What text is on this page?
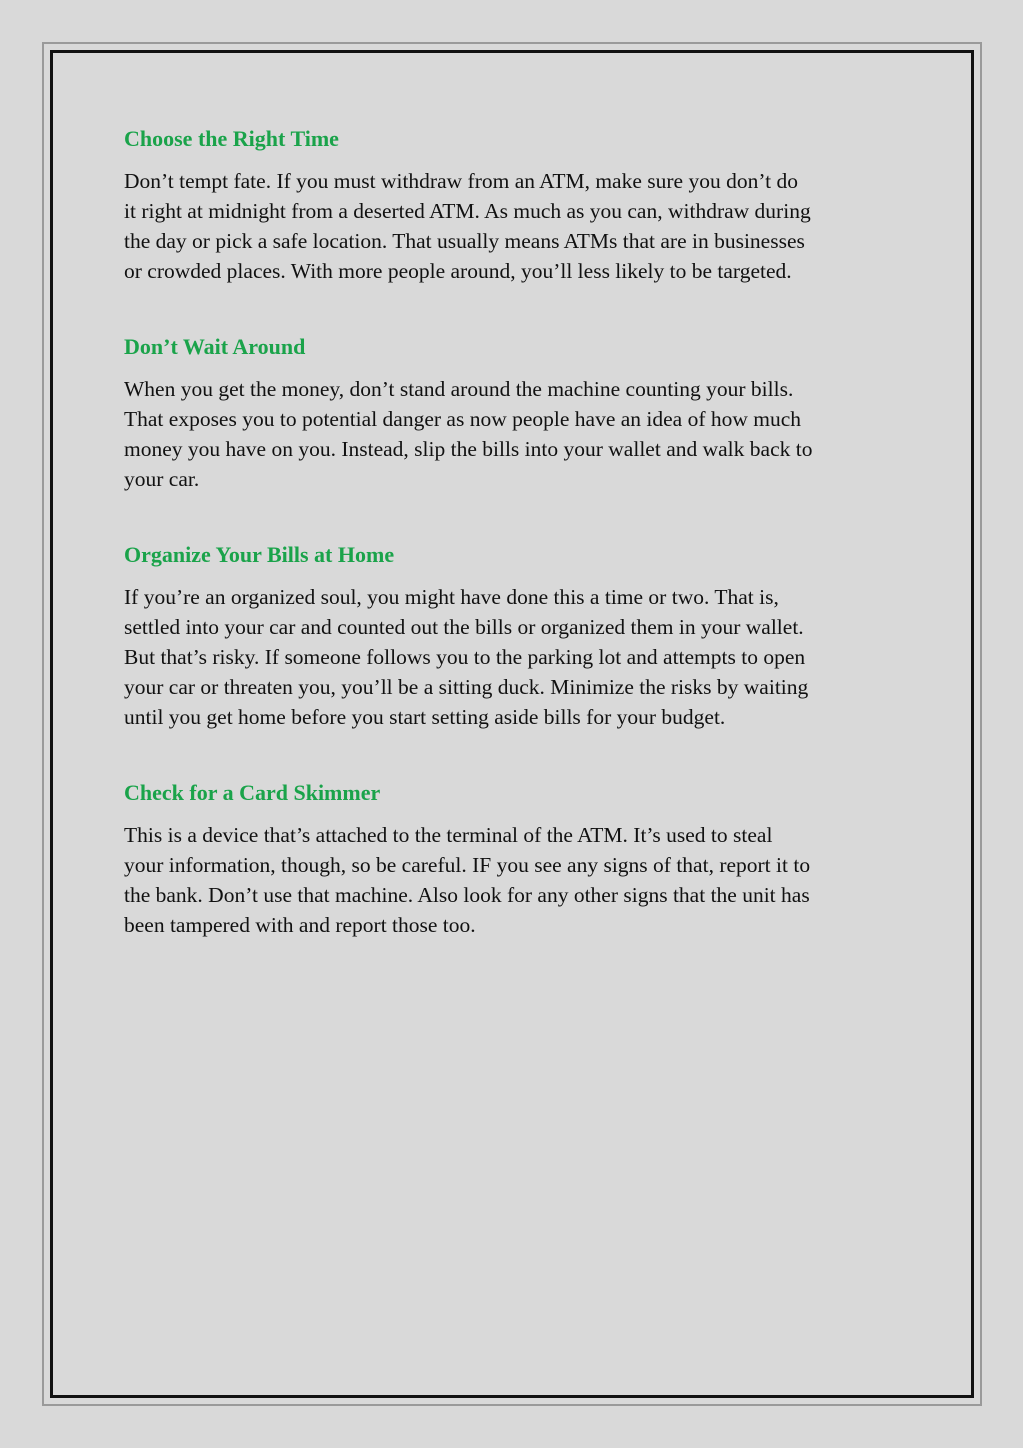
Choose the Right Time

Don’t tempt fate. If you must withdraw from an ATM, make sure you don’t do
it right at midnight from a deserted ATM. As much as you can, withdraw during
the day or pick a safe location. That usually means ATMs that are in businesses
or crowded places. With more people around, you’ll less likely to be targeted.

Don’t Wait Around

When you get the money, don’t stand around the machine counting your bills.
That exposes you to potential danger as now people have an idea of how much
money you have on you. Instead, slip the bills into your wallet and walk back to
your car.

Organize Your Bills at Home

If you’re an organized soul, you might have done this a time or two. That is,
settled into your car and counted out the bills or organized them in your wallet.
But that’s risky. If someone follows you to the parking lot and attempts to open
your car or threaten you, you’ll be a sitting duck. Minimize the risks by waiting
until you get home before you start setting aside bills for your budget.

Check for a Card Skimmer

This is a device that’s attached to the terminal of the ATM. It’s used to steal
your information, though, so be careful. IF you see any signs of that, report it to
the bank. Don’t use that machine. Also look for any other signs that the unit has
been tampered with and report those too.
